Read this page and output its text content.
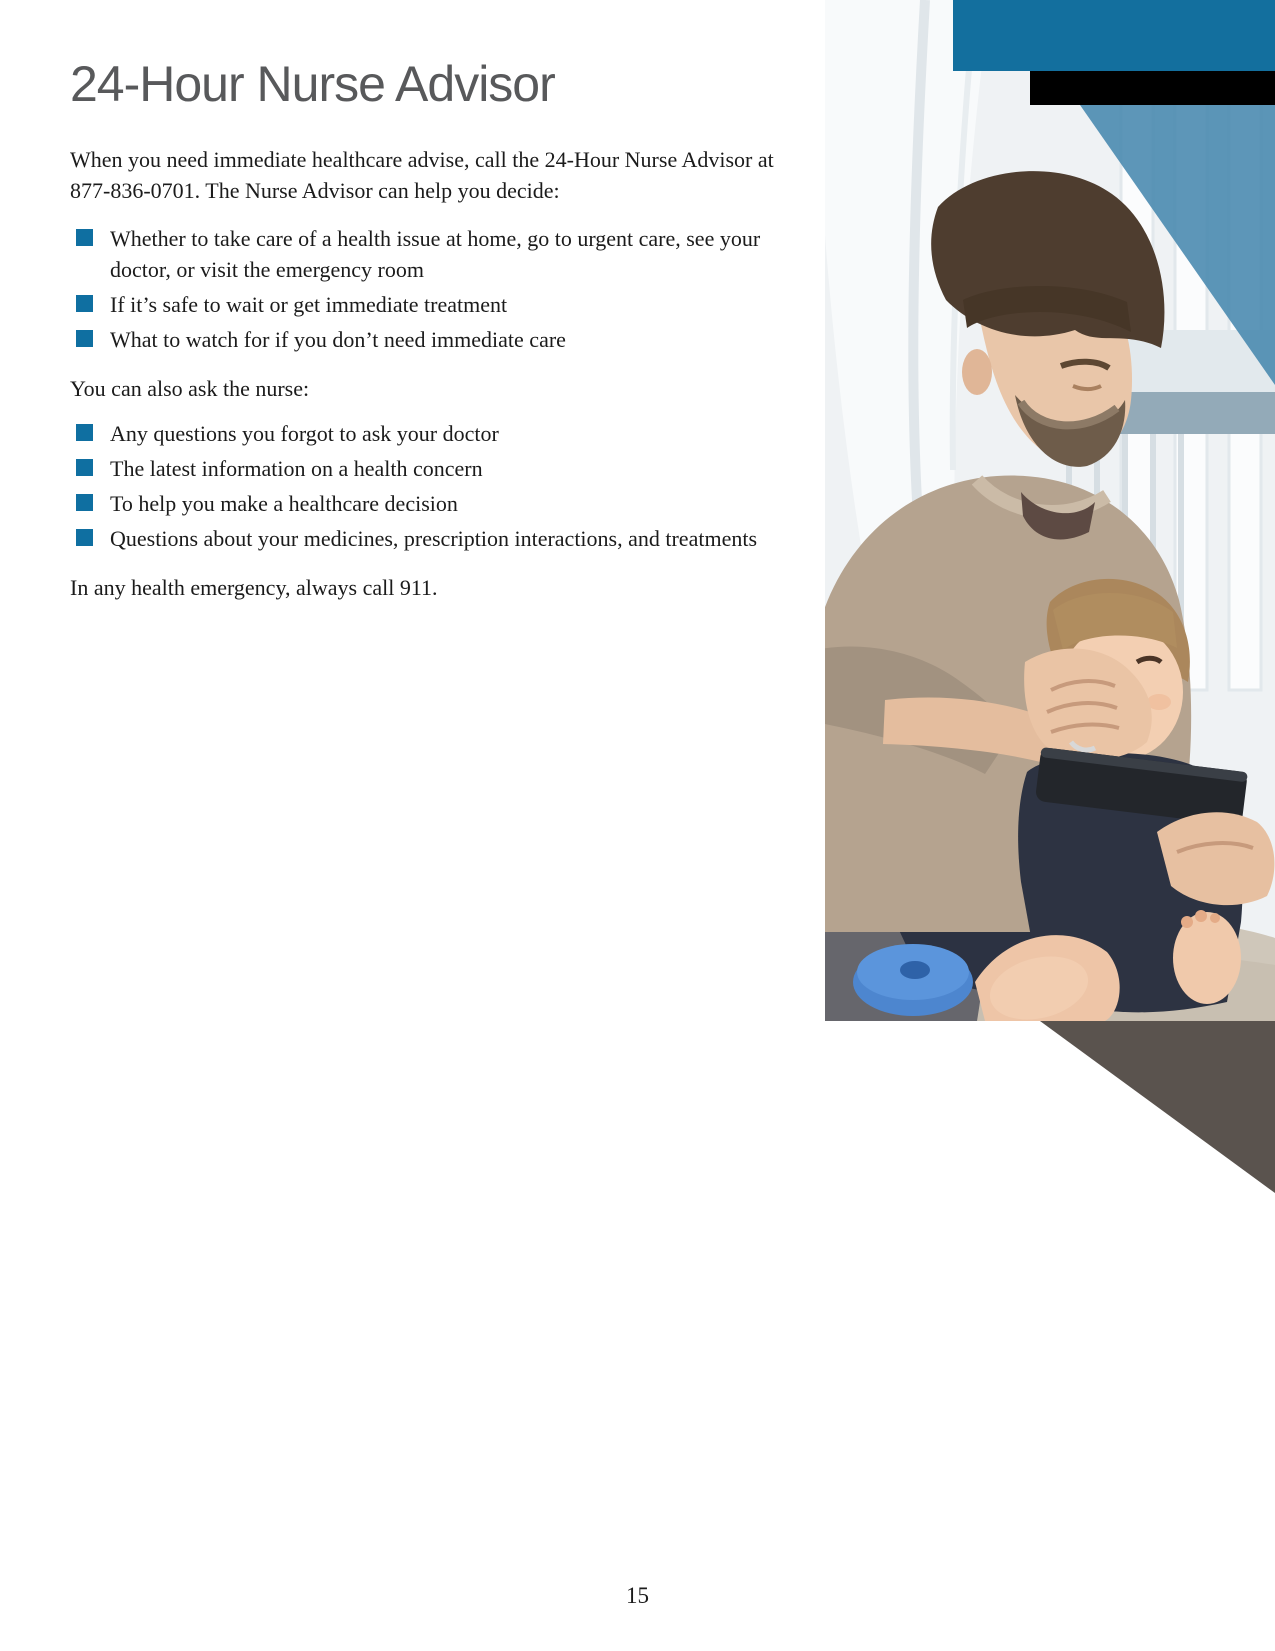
24-Hour Nurse Advisor

When you need immediate healthcare advise, call the 24-Hour Nurse Advisor at 877-836-0701. The Nurse Advisor can help you decide:

Whether to take care of a health issue at home, go to urgent care, see your doctor, or visit the emergency room
If it’s safe to wait or get immediate treatment
What to watch for if you don’t need immediate care

You can also ask the nurse:

Any questions you forgot to ask your doctor
The latest information on a health concern
To help you make a healthcare decision
Questions about your medicines, prescription interactions, and treatments

In any health emergency, always call 911.

15
